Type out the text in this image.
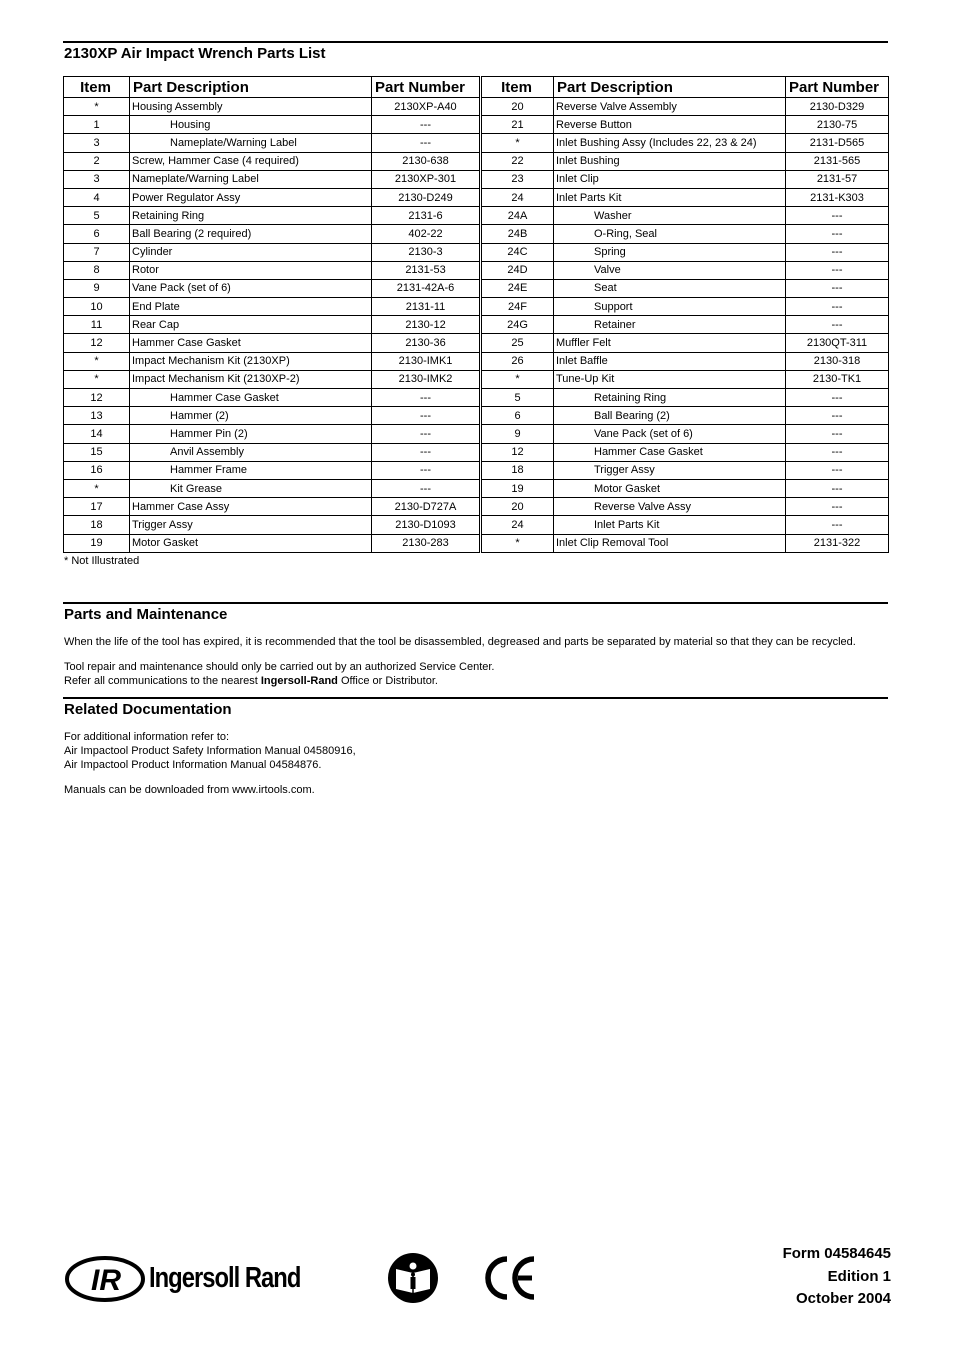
2130XP Air Impact Wrench Parts List
Item	Part Description	Part Number	Item	Part Description	Part Number
*	Housing Assembly	2130XP-A40	20	Reverse Valve Assembly	2130-D329
1	Housing	---	21	Reverse Button	2130-75
3	Nameplate/Warning Label	---	*	Inlet Bushing Assy (Includes 22, 23 & 24)	2131-D565
2	Screw, Hammer Case (4 required)	2130-638	22	Inlet Bushing	2131-565
3	Nameplate/Warning Label	2130XP-301	23	Inlet Clip	2131-57
4	Power Regulator Assy	2130-D249	24	Inlet Parts Kit	2131-K303
5	Retaining Ring	2131-6	24A	Washer	---
6	Ball Bearing (2 required)	402-22	24B	O-Ring, Seal	---
7	Cylinder	2130-3	24C	Spring	---
8	Rotor	2131-53	24D	Valve	---
9	Vane Pack (set of 6)	2131-42A-6	24E	Seat	---
10	End Plate	2131-11	24F	Support	---
11	Rear Cap	2130-12	24G	Retainer	---
12	Hammer Case Gasket	2130-36	25	Muffler Felt	2130QT-311
*	Impact Mechanism Kit (2130XP)	2130-IMK1	26	Inlet Baffle	2130-318
*	Impact Mechanism Kit (2130XP-2)	2130-IMK2	*	Tune-Up Kit	2130-TK1
12	Hammer Case Gasket	---	5	Retaining Ring	---
13	Hammer (2)	---	6	Ball Bearing (2)	---
14	Hammer Pin (2)	---	9	Vane Pack (set of 6)	---
15	Anvil Assembly	---	12	Hammer Case Gasket	---
16	Hammer Frame	---	18	Trigger Assy	---
*	Kit Grease	---	19	Motor Gasket	---
17	Hammer Case Assy	2130-D727A	20	Reverse Valve Assy	---
18	Trigger Assy	2130-D1093	24	Inlet Parts Kit	---
19	Motor Gasket	2130-283	*	Inlet Clip Removal Tool	2131-322
* Not Illustrated
Parts and Maintenance
When the life of the tool has expired, it is recommended that the tool be disassembled, degreased and parts be separated by material so that they can be recycled.
Tool repair and maintenance should only be carried out by an authorized Service Center.
Refer all communications to the nearest Ingersoll-Rand Office or Distributor.
Related Documentation
For additional information refer to:
Air Impactool Product Safety Information Manual 04580916,
Air Impactool Product Information Manual 04584876.
Manuals can be downloaded from www.irtools.com.
IR Ingersoll Rand
Form 04584645
Edition 1
October 2004
